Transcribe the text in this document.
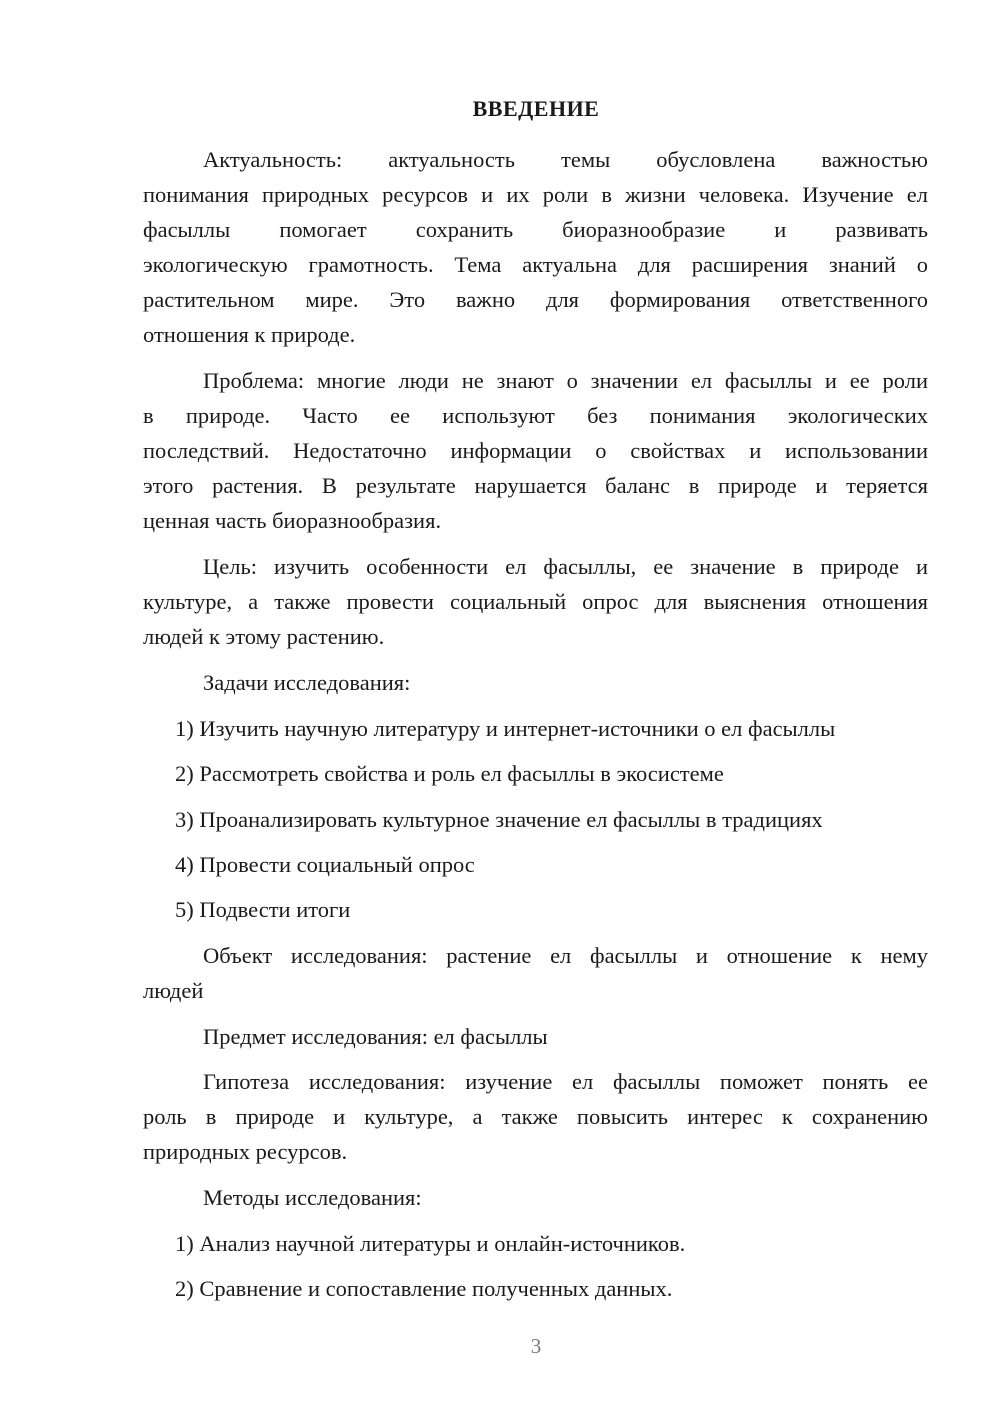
ВВЕДЕНИЕ
Актуальность: актуальность темы обусловлена важностью
понимания природных ресурсов и их роли в жизни человека. Изучение ел
фасыллы помогает сохранить биоразнообразие и развивать
экологическую грамотность. Тема актуальна для расширения знаний о
растительном мире. Это важно для формирования ответственного
отношения к природе.
Проблема: многие люди не знают о значении ел фасыллы и ее роли
в природе. Часто ее используют без понимания экологических
последствий. Недостаточно информации о свойствах и использовании
этого растения. В результате нарушается баланс в природе и теряется
ценная часть биоразнообразия.
Цель: изучить особенности ел фасыллы, ее значение в природе и
культуре, а также провести социальный опрос для выяснения отношения
людей к этому растению.
Задачи исследования:
1) Изучить научную литературу и интернет-источники о ел фасыллы
2) Рассмотреть свойства и роль ел фасыллы в экосистеме
3) Проанализировать культурное значение ел фасыллы в традициях
4) Провести социальный опрос
5) Подвести итоги
Объект исследования: растение ел фасыллы и отношение к нему
людей
Предмет исследования: ел фасыллы
Гипотеза исследования: изучение ел фасыллы поможет понять ее
роль в природе и культуре, а также повысить интерес к сохранению
природных ресурсов.
Методы исследования:
1) Анализ научной литературы и онлайн-источников.
2) Сравнение и сопоставление полученных данных.
3
